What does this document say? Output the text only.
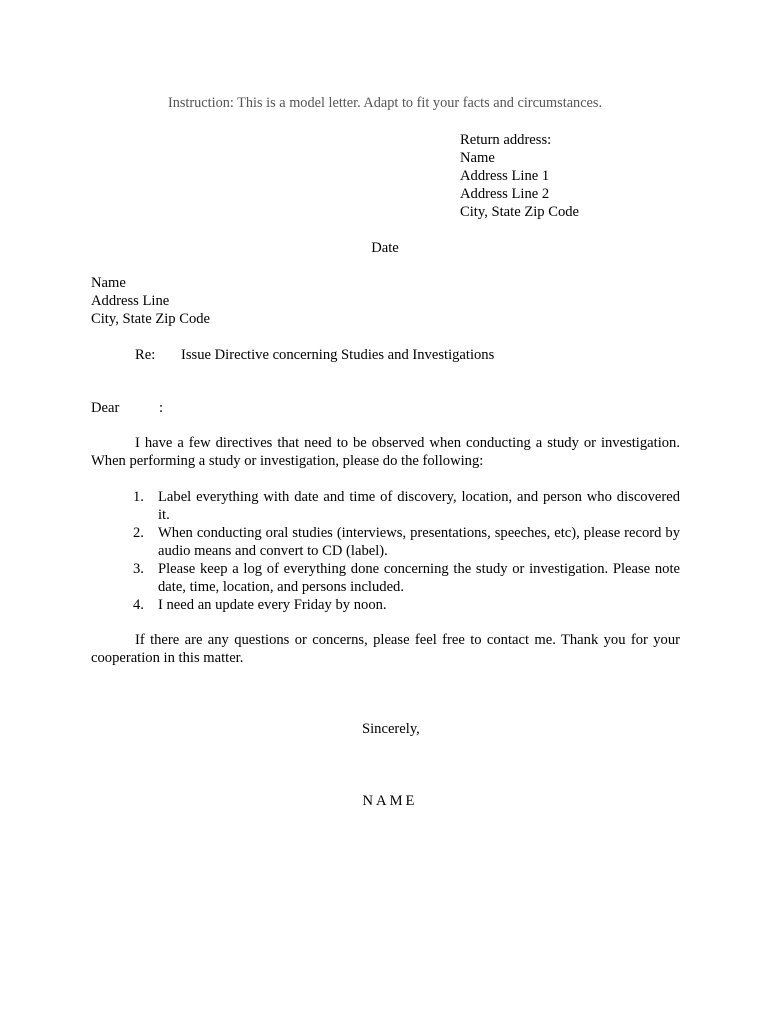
Instruction: This is a model letter. Adapt to fit your facts and circumstances.
Return address:
Name
Address Line 1
Address Line 2
City, State Zip Code
Date
Name
Address Line
City, State Zip Code
Re: Issue Directive concerning Studies and Investigations
Dear	:
I have a few directives that need to be observed when conducting a study or investigation.
When performing a study or investigation, please do the following:
1. Label everything with date and time of discovery, location, and person who discovered
it.
2. When conducting oral studies (interviews, presentations, speeches, etc), please record by
audio means and convert to CD (label).
3. Please keep a log of everything done concerning the study or investigation. Please note
date, time, location, and persons included.
4. I need an update every Friday by noon.
If there are any questions or concerns, please feel free to contact me. Thank you for your
cooperation in this matter.
Sincerely,
NAME
